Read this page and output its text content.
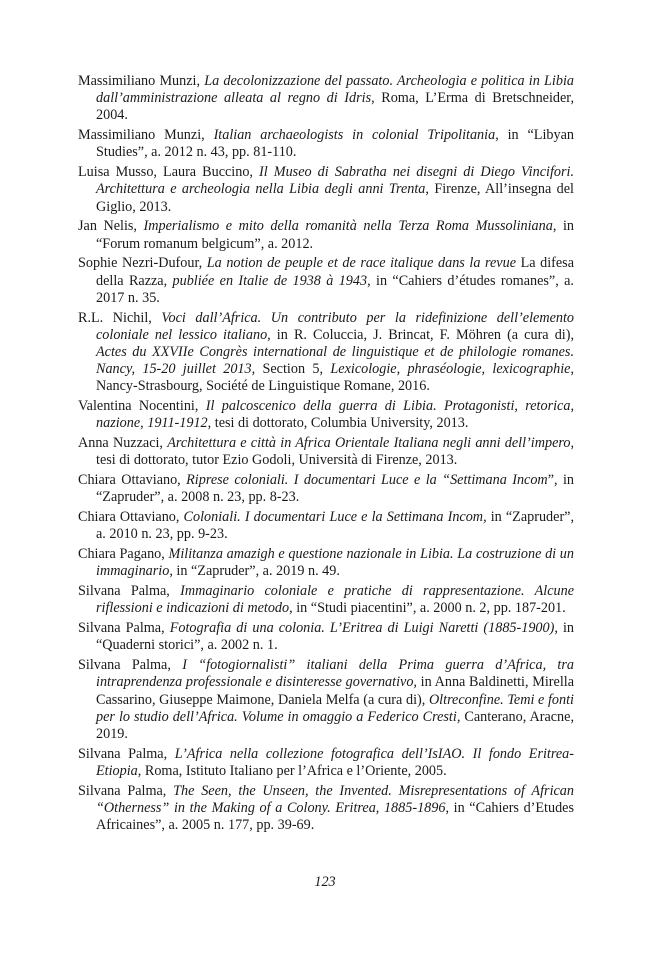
Massimiliano Munzi, La decolonizzazione del passato. Archeologia e politica in Libia dall’amministrazione alleata al regno di Idris, Roma, L’Erma di Bretschneider, 2004.

Massimiliano Munzi, Italian archaeologists in colonial Tripolitania, in “Libyan Studies”, a. 2012 n. 43, pp. 81-110.

Luisa Musso, Laura Buccino, Il Museo di Sabratha nei disegni di Diego Vincifori. Architettura e archeologia nella Libia degli anni Trenta, Firenze, All’insegna del Giglio, 2013.

Jan Nelis, Imperialismo e mito della romanità nella Terza Roma Mussoliniana, in “Forum romanum belgicum”, a. 2012.

Sophie Nezri-Dufour, La notion de peuple et de race italique dans la revue La difesa della Razza, publiée en Italie de 1938 à 1943, in “Cahiers d’études romanes”, a. 2017 n. 35.

R.L. Nichil, Voci dall’Africa. Un contributo per la ridefinizione dell’elemento coloniale nel lessico italiano, in R. Coluccia, J. Brincat, F. Möhren (a cura di), Actes du XXVIIe Congrès international de linguistique et de philologie romanes. Nancy, 15-20 juillet 2013, Section 5, Lexicologie, phraséologie, lexicographie, Nancy-Strasbourg, Société de Linguistique Romane, 2016.

Valentina Nocentini, Il palcoscenico della guerra di Libia. Protagonisti, retorica, nazione, 1911-1912, tesi di dottorato, Columbia University, 2013.

Anna Nuzzaci, Architettura e città in Africa Orientale Italiana negli anni dell’impero, tesi di dottorato, tutor Ezio Godoli, Università di Firenze, 2013.

Chiara Ottaviano, Riprese coloniali. I documentari Luce e la “Settimana Incom”, in “Zapruder”, a. 2008 n. 23, pp. 8-23.

Chiara Ottaviano, Coloniali. I documentari Luce e la Settimana Incom, in “Zapruder”, a. 2010 n. 23, pp. 9-23.

Chiara Pagano, Militanza amazigh e questione nazionale in Libia. La costruzione di un immaginario, in “Zapruder”, a. 2019 n. 49.

Silvana Palma, Immaginario coloniale e pratiche di rappresentazione. Alcune riflessioni e indicazioni di metodo, in “Studi piacentini”, a. 2000 n. 2, pp. 187-201.

Silvana Palma, Fotografia di una colonia. L’Eritrea di Luigi Naretti (1885-1900), in “Quaderni storici”, a. 2002 n. 1.

Silvana Palma, I “fotogiornalisti” italiani della Prima guerra d’Africa, tra intraprendenza professionale e disinteresse governativo, in Anna Baldinetti, Mirella Cassarino, Giuseppe Maimone, Daniela Melfa (a cura di), Oltreconfine. Temi e fonti per lo studio dell’Africa. Volume in omaggio a Federico Cresti, Canterano, Aracne, 2019.

Silvana Palma, L’Africa nella collezione fotografica dell’IsIAO. Il fondo Eritrea-Etiopia, Roma, Istituto Italiano per l’Africa e l’Oriente, 2005.

Silvana Palma, The Seen, the Unseen, the Invented. Misrepresentations of African “Otherness” in the Making of a Colony. Eritrea, 1885-1896, in “Cahiers d’Etudes Africaines”, a. 2005 n. 177, pp. 39-69.

123
